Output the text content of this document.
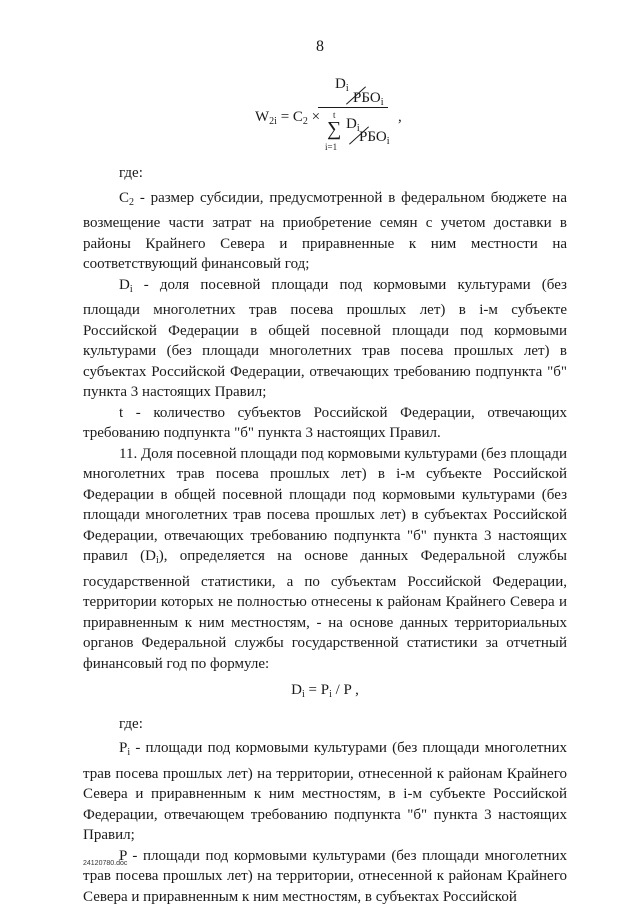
8
$W_{2i} = C_2$ ×
$D_i$
$РБО_i$
t
∑
i=1
$D_i$
$РБО_i$
,

где:

$C_2$ - размер субсидии, предусмотренной в федеральном бюджете на возмещение части затрат на приобретение семян с учетом доставки в районы Крайнего Севера и приравненные к ним местности на соответствующий финансовый год;

$D_i$ - доля посевной площади под кормовыми культурами (без площади многолетних трав посева прошлых лет) в i-м субъекте Российской Федерации в общей посевной площади под кормовыми культурами (без площади многолетних трав посева прошлых лет) в субъектах Российской Федерации, отвечающих требованию подпункта "б" пункта 3 настоящих Правил;

t - количество субъектов Российской Федерации, отвечающих требованию подпункта "б" пункта 3 настоящих Правил.

11. Доля посевной площади под кормовыми культурами (без площади многолетних трав посева прошлых лет) в i-м субъекте Российской Федерации в общей посевной площади под кормовыми культурами (без площади многолетних трав посева прошлых лет) в субъектах Российской Федерации, отвечающих требованию подпункта "б" пункта 3 настоящих правил $(D_i)$, определяется на основе данных Федеральной службы государственной статистики, а по субъектам Российской Федерации, территории которых не полностью отнесены к районам Крайнего Севера и приравненным к ним местностям, - на основе данных территориальных органов Федеральной службы государственной статистики за отчетный финансовый год по формуле:

$D_i = P_i / P$ ,

где:

$P_i$ - площади под кормовыми культурами (без площади многолетних трав посева прошлых лет) на территории, отнесенной к районам Крайнего Севера и приравненным к ним местностям, в i-м субъекте Российской Федерации, отвечающем требованию подпункта "б" пункта 3 настоящих Правил;

P - площади под кормовыми культурами (без площади многолетних трав посева прошлых лет) на территории, отнесенной к районам Крайнего Севера и приравненным к ним местностям, в субъектах Российской

24120780.doc
